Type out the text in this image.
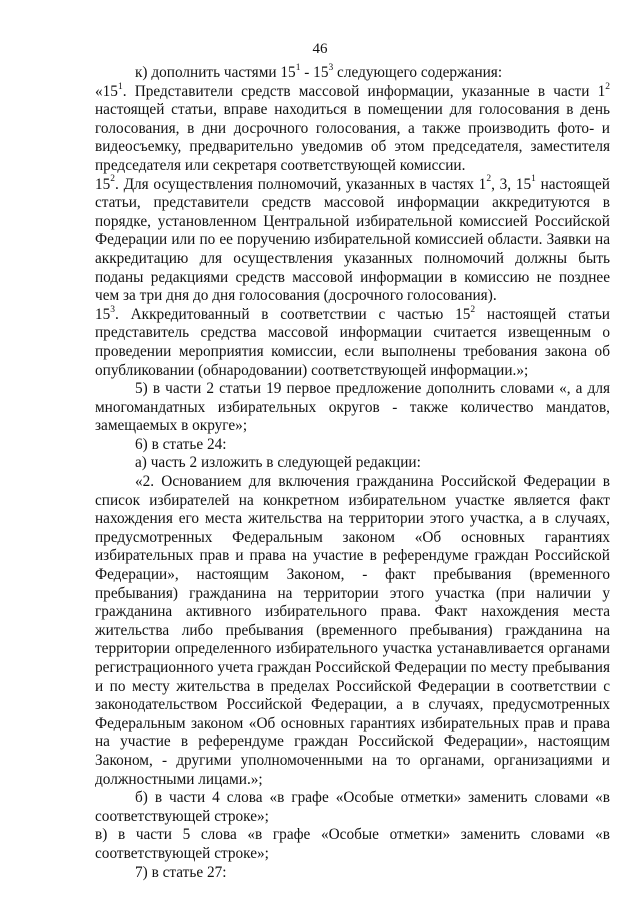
46

к) дополнить частями $15^1 - 15^3$ следующего содержания:

«$15^1$. Представители средств массовой информации, указанные в части $1^2$ настоящей статьи, вправе находиться в помещении для голосования в день голосования, в дни досрочного голосования, а также производить фото- и видеосъемку, предварительно уведомив об этом председателя, заместителя председателя или секретаря соответствующей комиссии.

$15^2$. Для осуществления полномочий, указанных в частях $1^2$, 3, $15^1$ настоящей статьи, представители средств массовой информации аккредитуются в порядке, установленном Центральной избирательной комиссией Российской Федерации или по ее поручению избирательной комиссией области. Заявки на аккредитацию для осуществления указанных полномочий должны быть поданы редакциями средств массовой информации в комиссию не позднее чем за три дня до дня голосования (досрочного голосования).

$15^3$. Аккредитованный в соответствии с частью $15^2$ настоящей статьи представитель средства массовой информации считается извещенным о проведении мероприятия комиссии, если выполнены требования закона об опубликовании (обнародовании) соответствующей информации.»;

5) в части 2 статьи 19 первое предложение дополнить словами «, а для многомандатных избирательных округов - также количество мандатов, замещаемых в округе»;

6) в статье 24:

а) часть 2 изложить в следующей редакции:

«2. Основанием для включения гражданина Российской Федерации в список избирателей на конкретном избирательном участке является факт нахождения его места жительства на территории этого участка, а в случаях, предусмотренных Федеральным законом «Об основных гарантиях избирательных прав и права на участие в референдуме граждан Российской Федерации», настоящим Законом, - факт пребывания (временного пребывания) гражданина на территории этого участка (при наличии у гражданина активного избирательного права. Факт нахождения места жительства либо пребывания (временного пребывания) гражданина на территории определенного избирательного участка устанавливается органами регистрационного учета граждан Российской Федерации по месту пребывания и по месту жительства в пределах Российской Федерации в соответствии с законодательством Российской Федерации, а в случаях, предусмотренных Федеральным законом «Об основных гарантиях избирательных прав и права на участие в референдуме граждан Российской Федерации», настоящим Законом, - другими уполномоченными на то органами, организациями и должностными лицами.»;

б) в части 4 слова «в графе «Особые отметки» заменить словами «в соответствующей строке»;

в) в части 5 слова «в графе «Особые отметки» заменить словами «в соответствующей строке»;

7) в статье 27:
